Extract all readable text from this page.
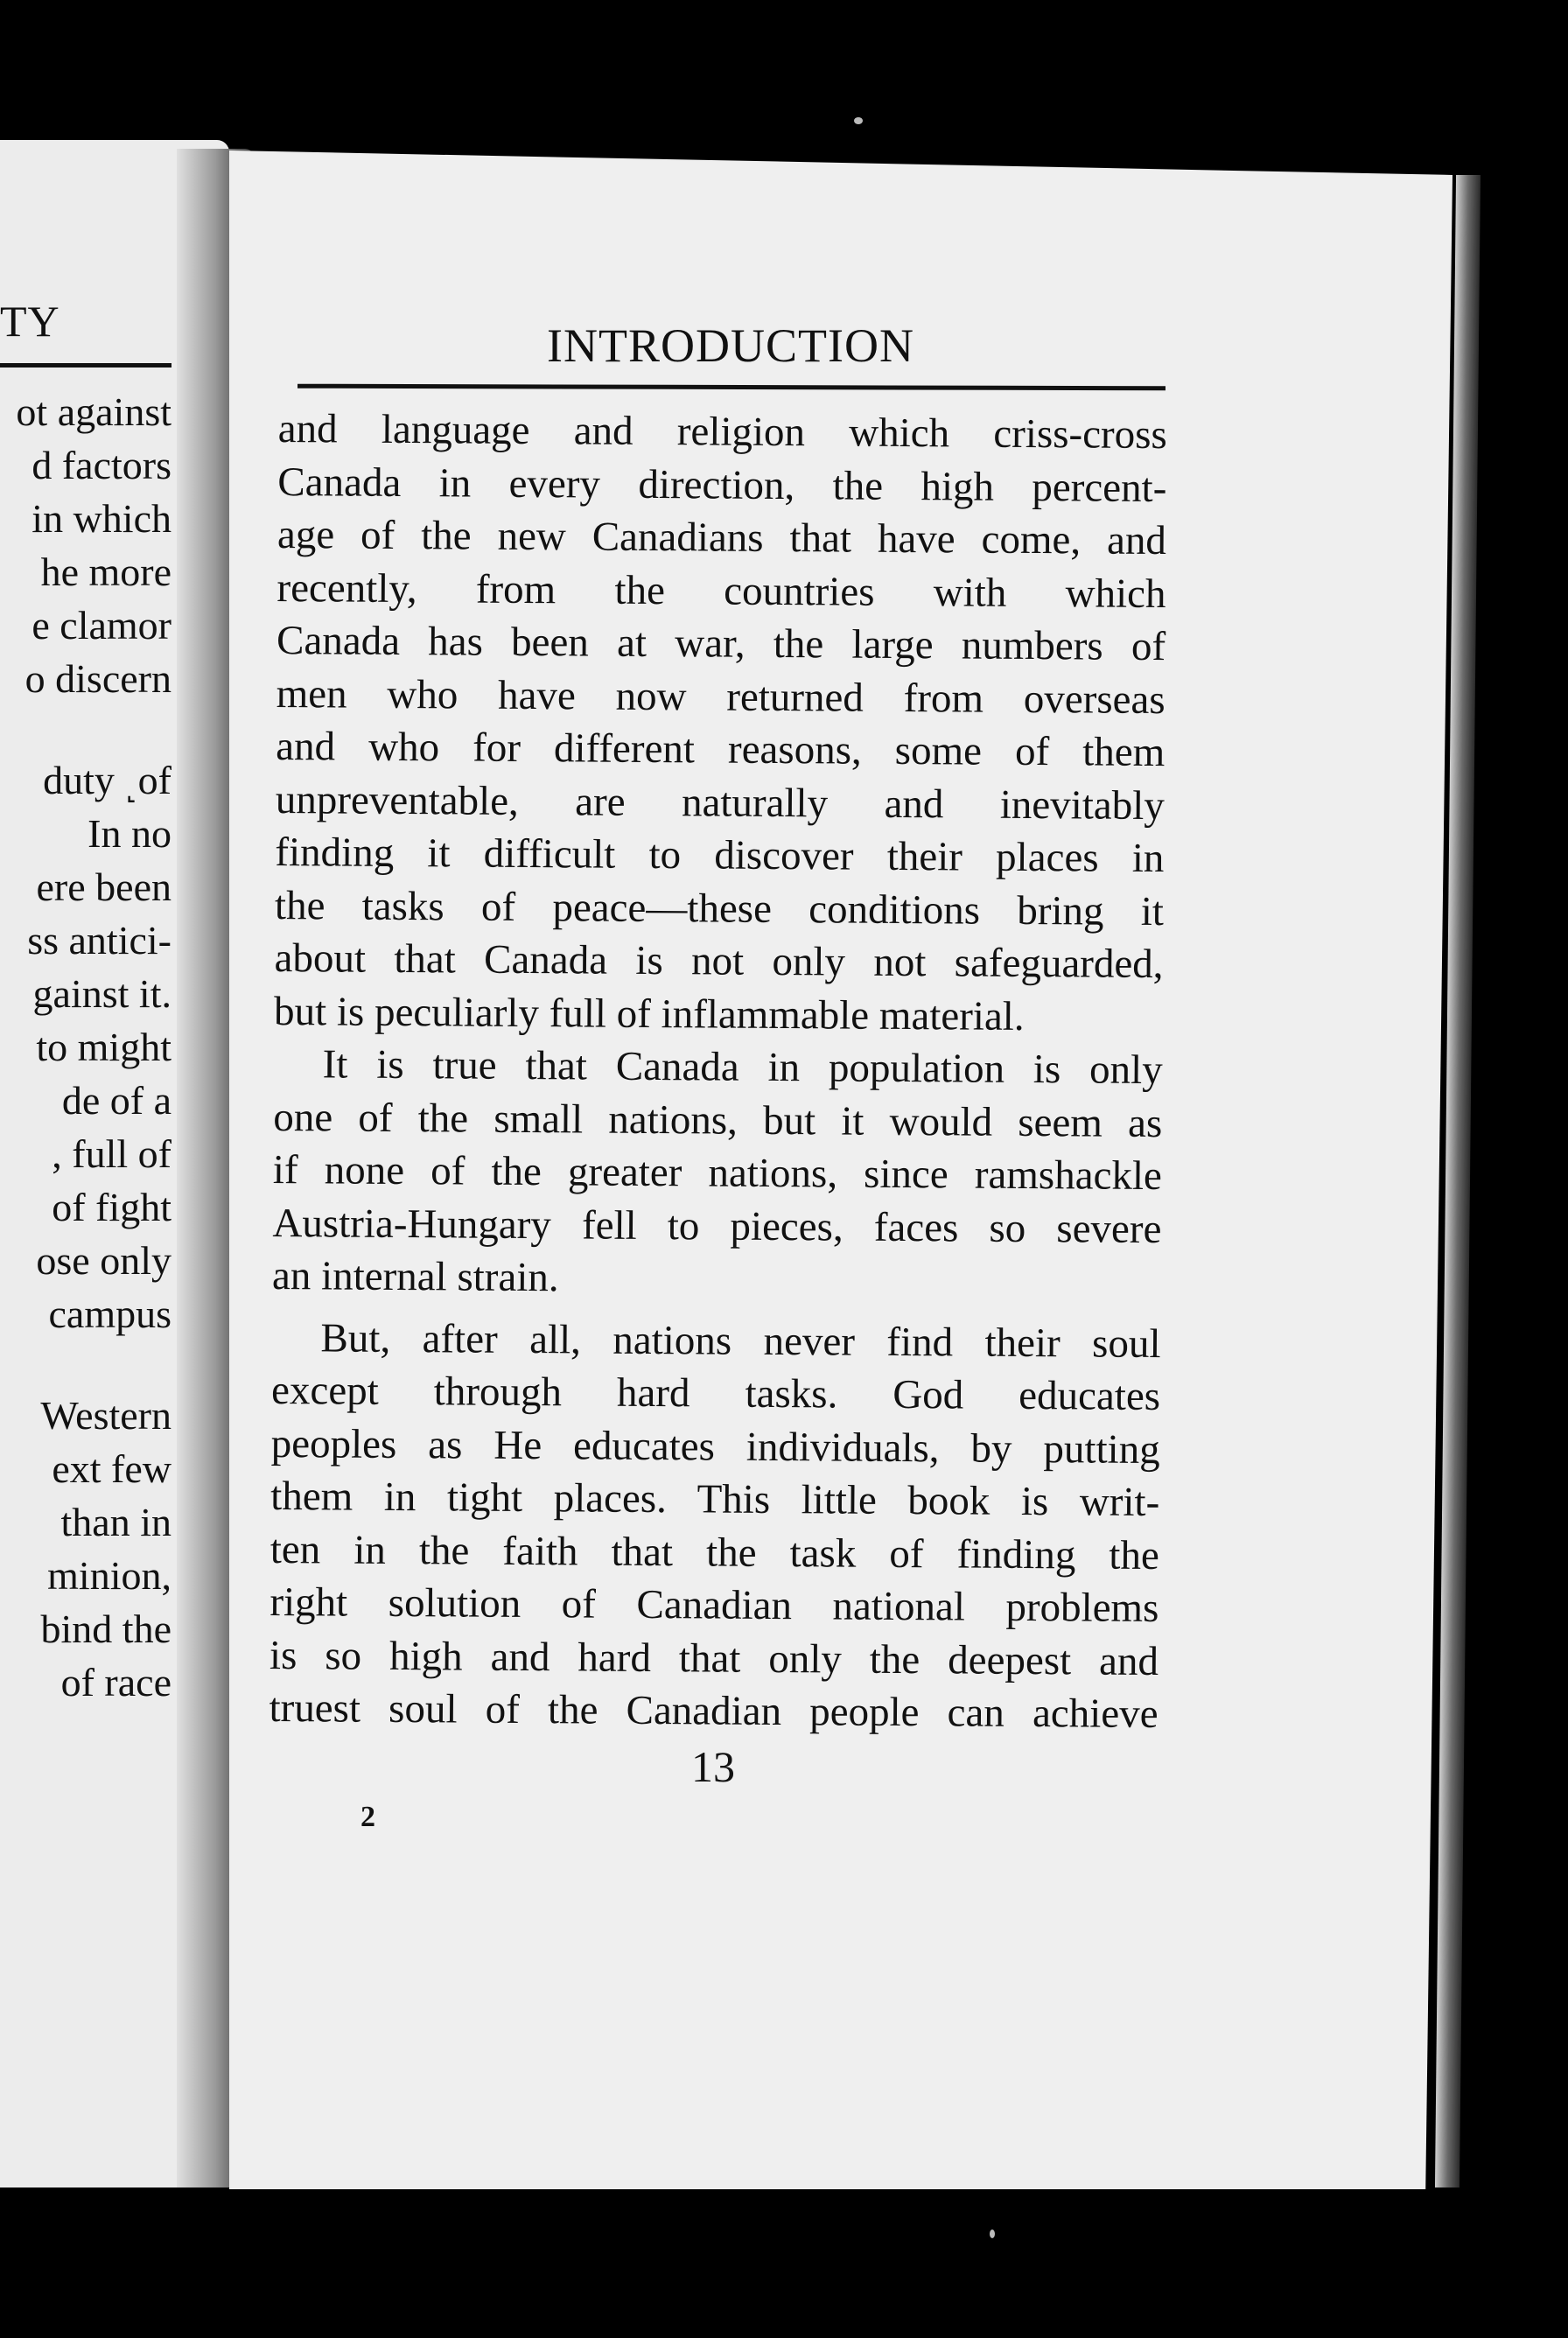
TY
ot against
d factors
in which
he more
e clamor
o discern
duty ˻of
In no
ere been
ss antici-
gainst it.
to might
de of a
, full of
of fight
ose only
campus
Western
ext few
than in
minion,
bind the
of race
2
INTRODUCTION
and language and religion which criss-cross
Canada in every direction, the high percent-
age of the new Canadians that have come, and
recently, from the countries with which
Canada has been at war, the large numbers of
men who have now returned from overseas
and who for different reasons, some of them
unpreventable, are naturally and inevitably
finding it difficult to discover their places in
the tasks of peace—these conditions bring it
about that Canada is not only not safeguarded,
but is peculiarly full of inflammable material.
It is true that Canada in population is only
one of the small nations, but it would seem as
if none of the greater nations, since ramshackle
Austria-Hungary fell to pieces, faces so severe
an internal strain.
But, after all, nations never find their soul
except through hard tasks. God educates
peoples as He educates individuals, by putting
them in tight places. This little book is writ-
ten in the faith that the task of finding the
right solution of Canadian national problems
is so high and hard that only the deepest and
truest soul of the Canadian people can achieve
13
